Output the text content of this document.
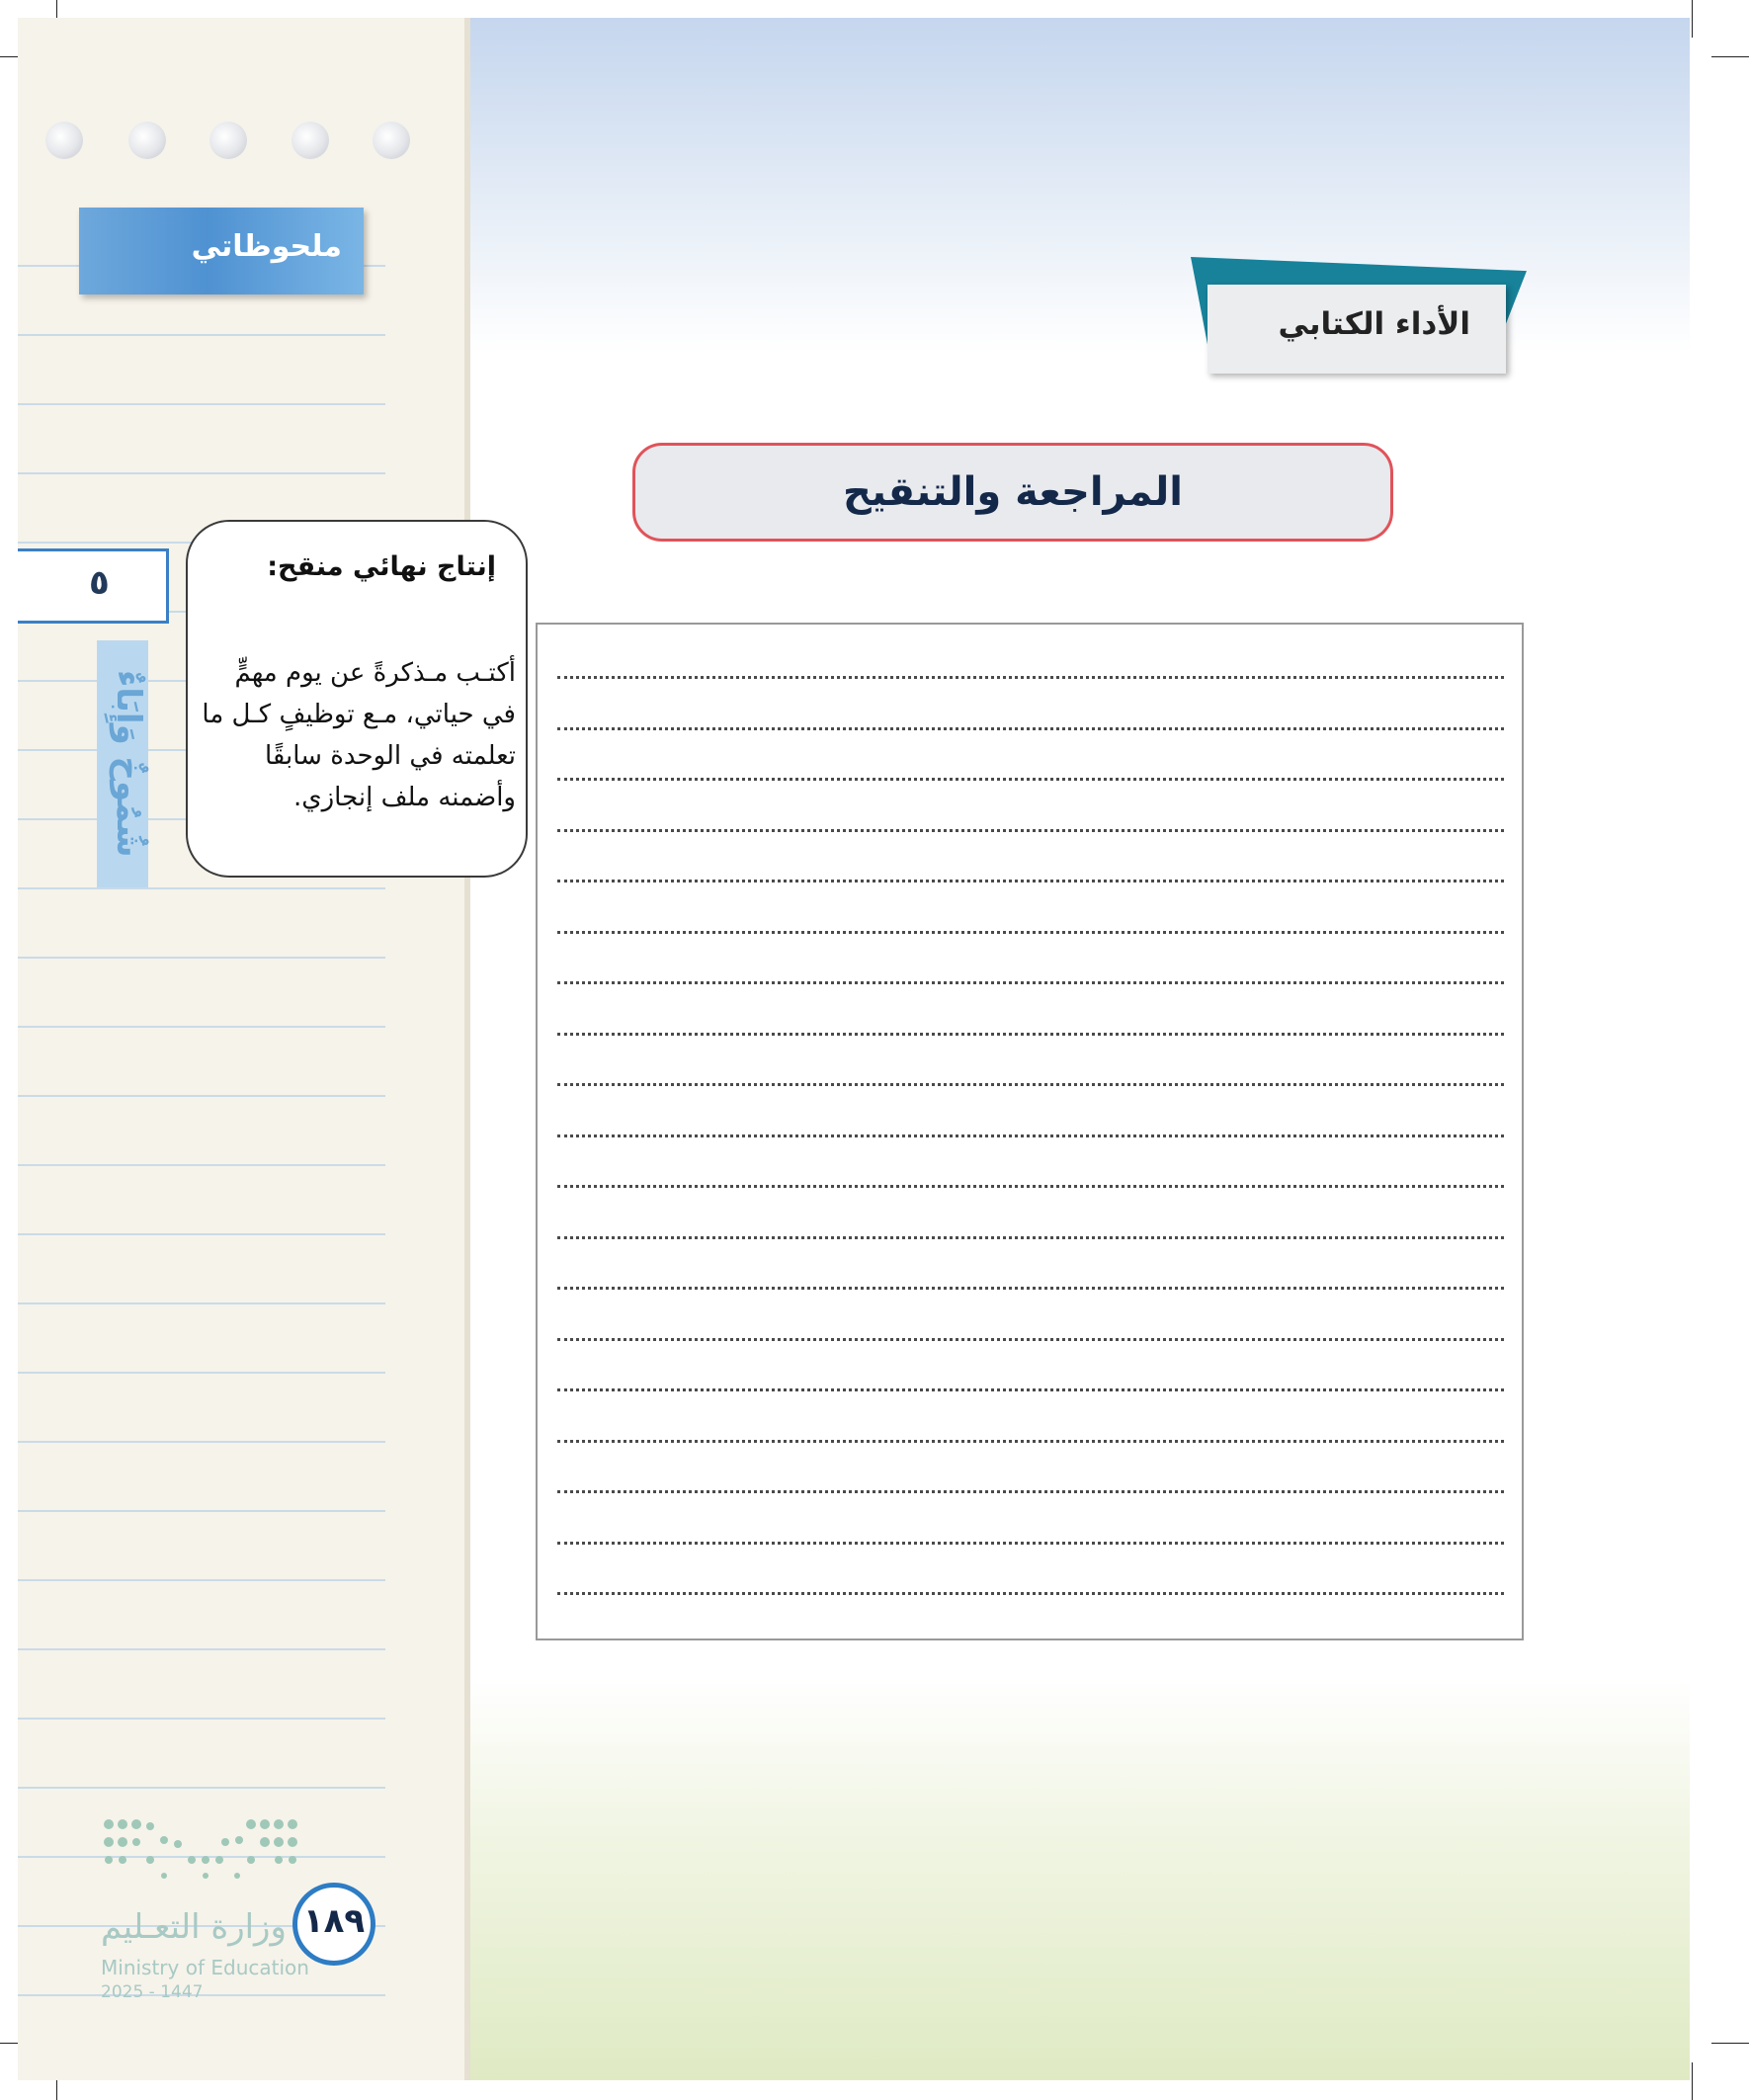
ملحوظاتي
٥
شُمُوخٌ وَإِبَاءٌ
إنتاج نهائي منقح:
أكتـب مـذكرةً عن يوم مهمٍّ في حياتي، مـع توظيفٍ كـل ما تعلمته في الوحدة سابقًا وأضمنه ملف إنجازي.
الأداء الكتابي
المراجعة والتنقيح
وزارة التعـليم
Ministry of Education
2025 - 1447
١٨٩
